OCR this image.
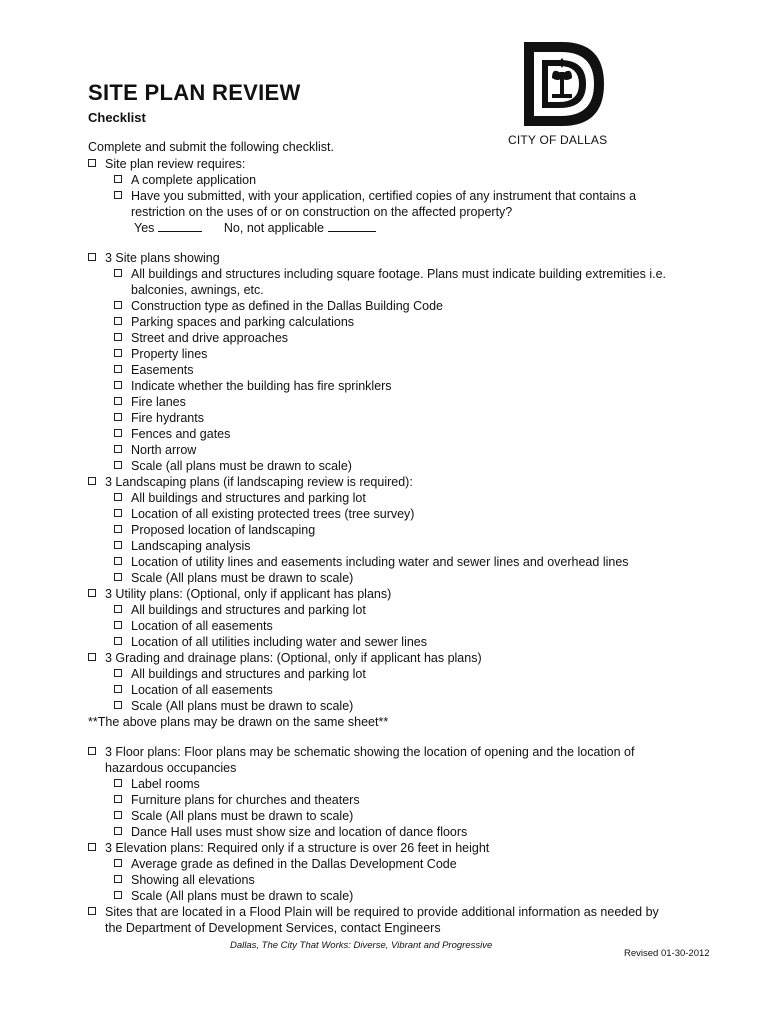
SITE PLAN REVIEW
Checklist
CITY OF DALLAS
Complete and submit the following checklist.
Site plan review requires:
A complete application
Have you submitted, with your application, certified copies of any instrument that contains a restriction on the uses of or on construction on the affected property?
Yes	No, not applicable
3 Site plans showing
All buildings and structures including square footage. Plans must indicate building extremities i.e. balconies, awnings, etc.
Construction type as defined in the Dallas Building Code
Parking spaces and parking calculations
Street and drive approaches
Property lines
Easements
Indicate whether the building has fire sprinklers
Fire lanes
Fire hydrants
Fences and gates
North arrow
Scale (all plans must be drawn to scale)
3 Landscaping plans (if landscaping review is required):
All buildings and structures and parking lot
Location of all existing protected trees (tree survey)
Proposed location of landscaping
Landscaping analysis
Location of utility lines and easements including water and sewer lines and overhead lines
Scale (All plans must be drawn to scale)
3 Utility plans: (Optional, only if applicant has plans)
All buildings and structures and parking lot
Location of all easements
Location of all utilities including water and sewer lines
3 Grading and drainage plans: (Optional, only if applicant has plans)
All buildings and structures and parking lot
Location of all easements
Scale (All plans must be drawn to scale)
**The above plans may be drawn on the same sheet**
3 Floor plans: Floor plans may be schematic showing the location of opening and the location of hazardous occupancies
Label rooms
Furniture plans for churches and theaters
Scale (All plans must be drawn to scale)
Dance Hall uses must show size and location of dance floors
3 Elevation plans: Required only if a structure is over 26 feet in height
Average grade as defined in the Dallas Development Code
Showing all elevations
Scale (All plans must be drawn to scale)
Sites that are located in a Flood Plain will be required to provide additional information as needed by the Department of Development Services, contact Engineers
Dallas, The City That Works: Diverse, Vibrant and Progressive
Revised 01-30-2012
